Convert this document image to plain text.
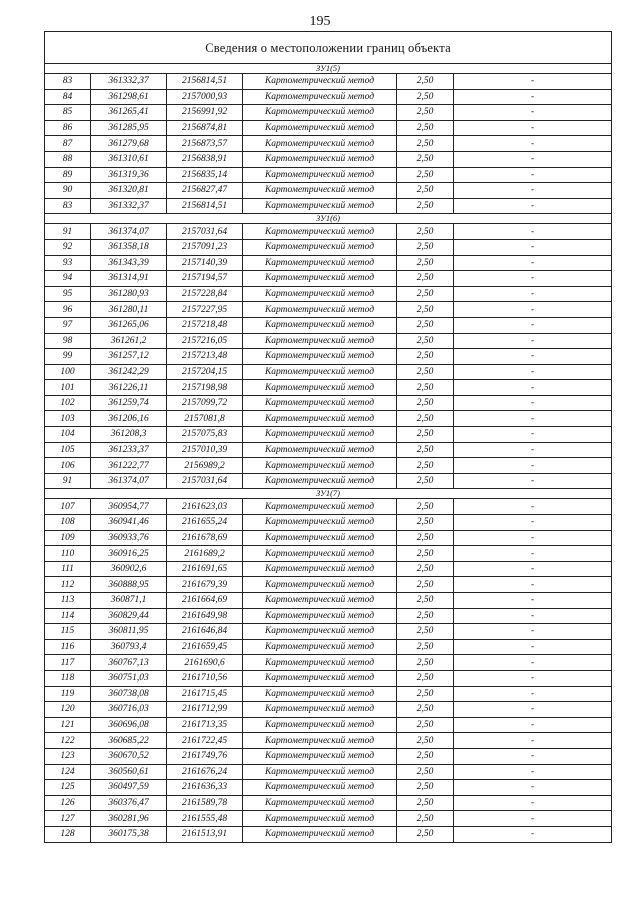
195
Сведения о местоположении границ объекта					
ЗУ1(5)					
83	361332,37	2156814,51	Картометрический метод	2,50	-
84	361298,61	2157000,93	Картометрический метод	2,50	-
85	361265,41	2156991,92	Картометрический метод	2,50	-
86	361285,95	2156874,81	Картометрический метод	2,50	-
87	361279,68	2156873,57	Картометрический метод	2,50	-
88	361310,61	2156838,91	Картометрический метод	2,50	-
89	361319,36	2156835,14	Картометрический метод	2,50	-
90	361320,81	2156827,47	Картометрический метод	2,50	-
83	361332,37	2156814,51	Картометрический метод	2,50	-
ЗУ1(6)					
91	361374,07	2157031,64	Картометрический метод	2,50	-
92	361358,18	2157091,23	Картометрический метод	2,50	-
93	361343,39	2157140,39	Картометрический метод	2,50	-
94	361314,91	2157194,57	Картометрический метод	2,50	-
95	361280,93	2157228,84	Картометрический метод	2,50	-
96	361280,11	2157227,95	Картометрический метод	2,50	-
97	361265,06	2157218,48	Картометрический метод	2,50	-
98	361261,2	2157216,05	Картометрический метод	2,50	-
99	361257,12	2157213,48	Картометрический метод	2,50	-
100	361242,29	2157204,15	Картометрический метод	2,50	-
101	361226,11	2157198,98	Картометрический метод	2,50	-
102	361259,74	2157099,72	Картометрический метод	2,50	-
103	361206,16	2157081,8	Картометрический метод	2,50	-
104	361208,3	2157075,83	Картометрический метод	2,50	-
105	361233,37	2157010,39	Картометрический метод	2,50	-
106	361222,77	2156989,2	Картометрический метод	2,50	-
91	361374,07	2157031,64	Картометрический метод	2,50	-
ЗУ1(7)					
107	360954,77	2161623,03	Картометрический метод	2,50	-
108	360941,46	2161655,24	Картометрический метод	2,50	-
109	360933,76	2161678,69	Картометрический метод	2,50	-
110	360916,25	2161689,2	Картометрический метод	2,50	-
111	360902,6	2161691,65	Картометрический метод	2,50	-
112	360888,95	2161679,39	Картометрический метод	2,50	-
113	360871,1	2161664,69	Картометрический метод	2,50	-
114	360829,44	2161649,98	Картометрический метод	2,50	-
115	360811,95	2161646,84	Картометрический метод	2,50	-
116	360793,4	2161659,45	Картометрический метод	2,50	-
117	360767,13	2161690,6	Картометрический метод	2,50	-
118	360751,03	2161710,56	Картометрический метод	2,50	-
119	360738,08	2161715,45	Картометрический метод	2,50	-
120	360716,03	2161712,99	Картометрический метод	2,50	-
121	360696,08	2161713,35	Картометрический метод	2,50	-
122	360685,22	2161722,45	Картометрический метод	2,50	-
123	360670,52	2161749,76	Картометрический метод	2,50	-
124	360560,61	2161676,24	Картометрический метод	2,50	-
125	360497,59	2161636,33	Картометрический метод	2,50	-
126	360376,47	2161589,78	Картометрический метод	2,50	-
127	360281,96	2161555,48	Картометрический метод	2,50	-
128	360175,38	2161513,91	Картометрический метод	2,50	-
